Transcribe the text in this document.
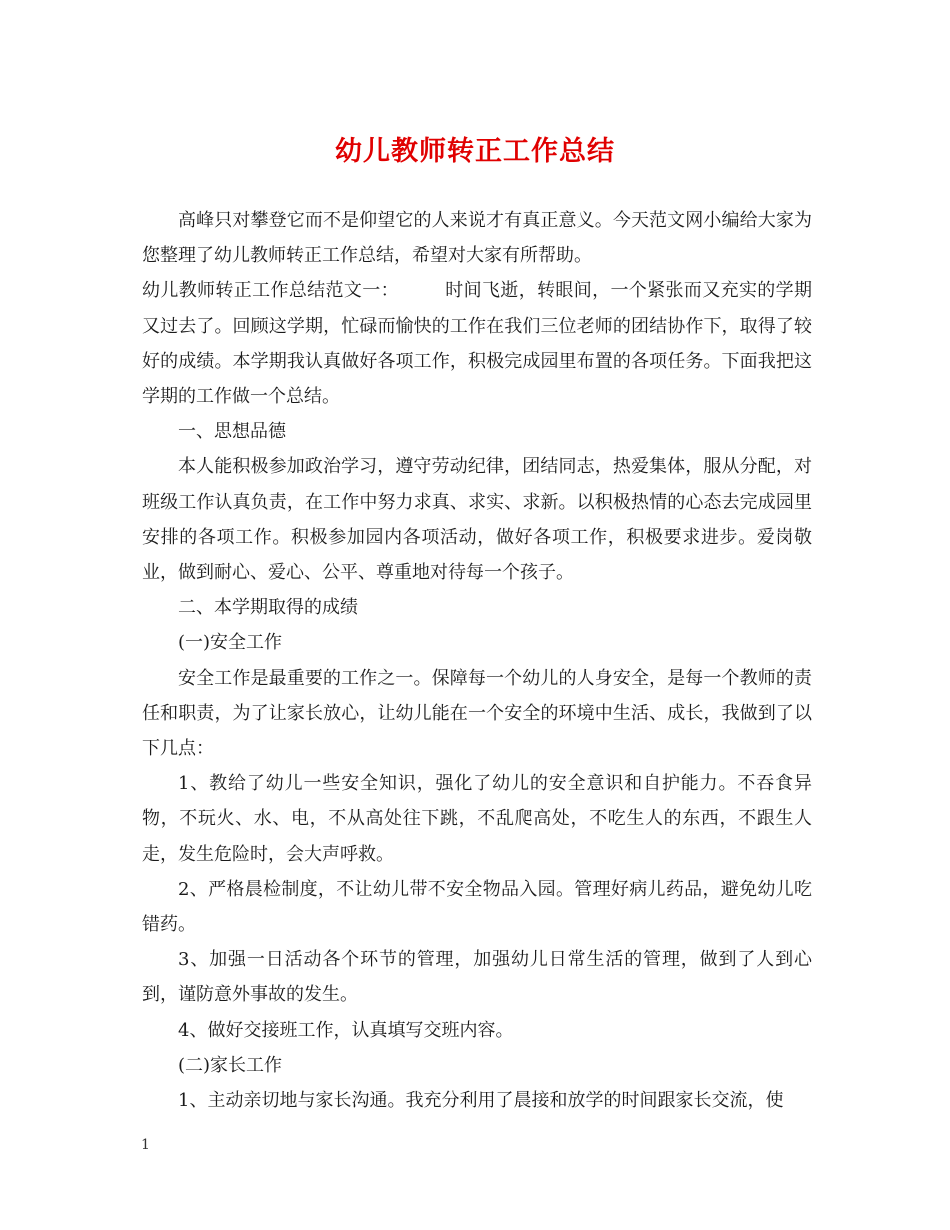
幼儿教师转正工作总结

高峰只对攀登它而不是仰望它的人来说才有真正意义。今天范文网小编给大家为您整理了幼儿教师转正工作总结，希望对大家有所帮助。

幼儿教师转正工作总结范文一：	时间飞逝，转眼间，一个紧张而又充实的学期又过去了。回顾这学期，忙碌而愉快的工作在我们三位老师的团结协作下，取得了较好的成绩。本学期我认真做好各项工作，积极完成园里布置的各项任务。下面我把这学期的工作做一个总结。

一、思想品德

本人能积极参加政治学习，遵守劳动纪律，团结同志，热爱集体，服从分配，对班级工作认真负责，在工作中努力求真、求实、求新。以积极热情的心态去完成园里安排的各项工作。积极参加园内各项活动，做好各项工作，积极要求进步。爱岗敬业，做到耐心、爱心、公平、尊重地对待每一个孩子。

二、本学期取得的成绩

(一)安全工作

安全工作是最重要的工作之一。保障每一个幼儿的人身安全，是每一个教师的责任和职责，为了让家长放心，让幼儿能在一个安全的环境中生活、成长，我做到了以下几点：

1、教给了幼儿一些安全知识，强化了幼儿的安全意识和自护能力。不吞食异物，不玩火、水、电，不从高处往下跳，不乱爬高处，不吃生人的东西，不跟生人走，发生危险时，会大声呼救。

2、严格晨检制度，不让幼儿带不安全物品入园。管理好病儿药品，避免幼儿吃错药。

3、加强一日活动各个环节的管理，加强幼儿日常生活的管理，做到了人到心到，谨防意外事故的发生。

4、做好交接班工作，认真填写交班内容。

(二)家长工作

1、主动亲切地与家长沟通。我充分利用了晨接和放学的时间跟家长交流，使

1
